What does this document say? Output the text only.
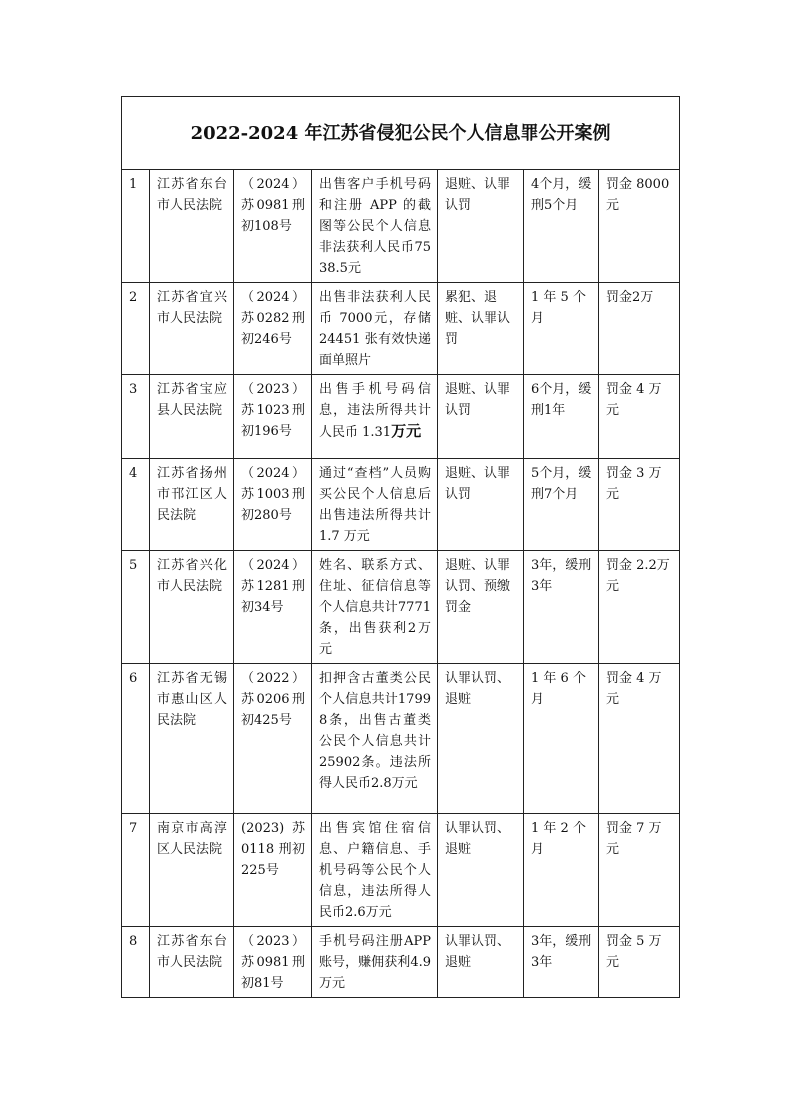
2022-2024 年江苏省侵犯公民个人信息罪公开案例						
1	江苏省东台市人民法院	（2024）苏0981刑初108号	出售客户手机号码和注册 APP 的截图等公民个人信息非法获利人民币7538.5元	退赃、认罪认罚	4个月，缓刑5个月	罚金 8000元
2	江苏省宜兴市人民法院	（2024）苏0282刑初246号	出售非法获利人民币 7000元，存储 24451 张有效快递面单照片	累犯、退赃、认罪认罚	1 年 5 个月	罚金2万
3	江苏省宝应县人民法院	（2023）苏1023刑初196号	出售手机号码信息，违法所得共计人民币 1.31万元	退赃、认罪认罚	6个月，缓刑1年	罚金 4 万元
4	江苏省扬州市邗江区人民法院	（2024）苏1003刑初280号	通过“查档”人员购买公民个人信息后出售违法所得共计 1.7 万元	退赃、认罪认罚	5个月，缓刑7个月	罚金 3 万元
5	江苏省兴化市人民法院	（2024）苏1281刑初34号	姓名、联系方式、住址、征信信息等个人信息共计7771条，出售获利2万元	退赃、认罪认罚、预缴罚金	3年，缓刑3年	罚金 2.2万元
6	江苏省无锡市惠山区人民法院	（2022）苏0206刑初425号	扣押含古董类公民个人信息共计17998条，出售古董类公民个人信息共计25902条。违法所得人民币2.8万元	认罪认罚、退赃	1 年 6 个月	罚金 4 万元
7	南京市高淳区人民法院	(2023) 苏0118 刑初225号	出售宾馆住宿信息、户籍信息、手机号码等公民个人信息，违法所得人民币2.6万元	认罪认罚、退赃	1 年 2 个月	罚金 7 万元
8	江苏省东台市人民法院	（2023）苏0981刑初81号	手机号码注册APP账号，赚佣获利4.9万元	认罪认罚、退赃	3年，缓刑3年	罚金 5 万元
